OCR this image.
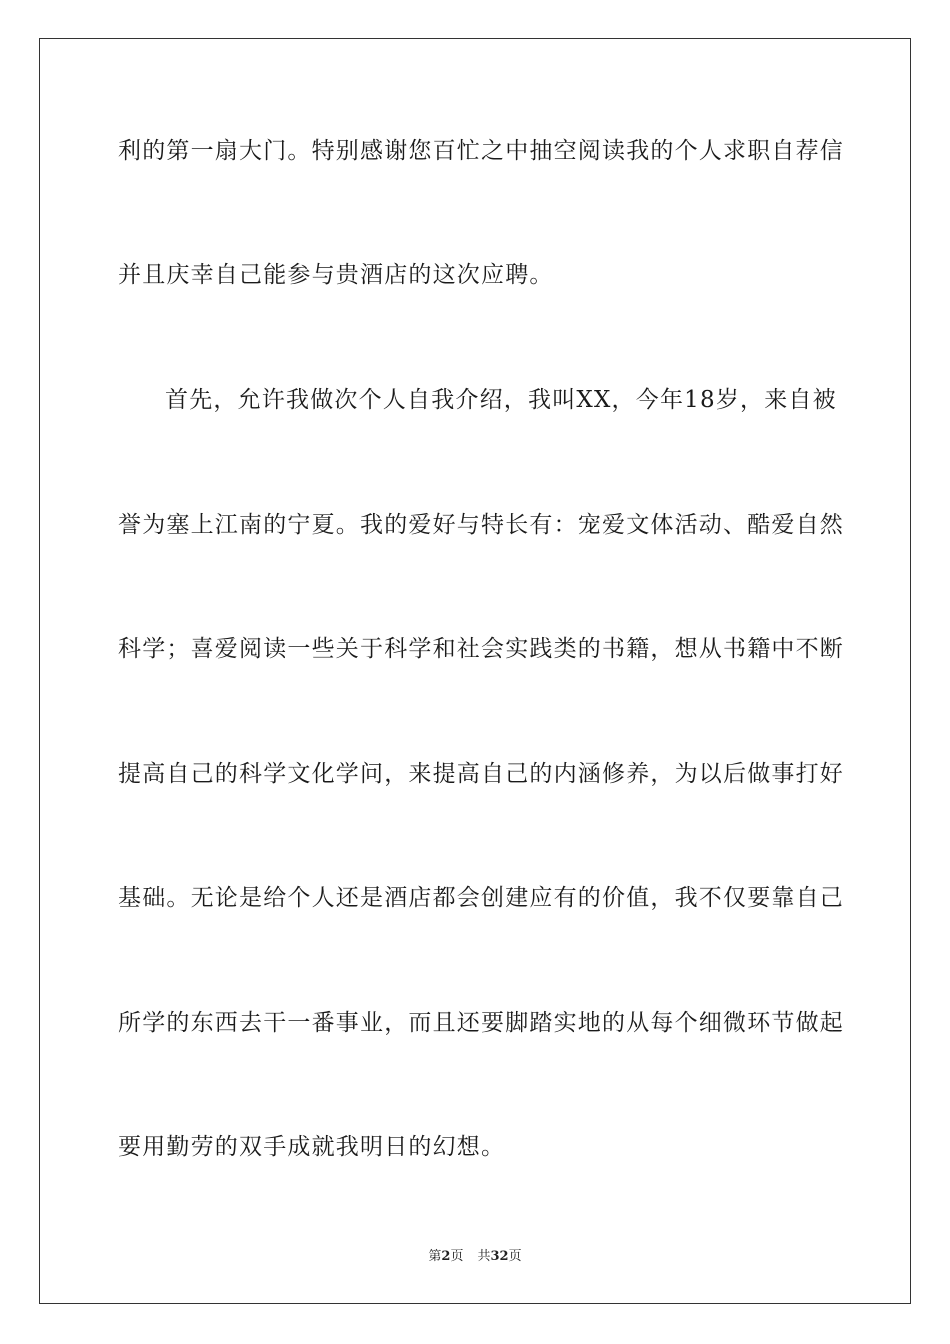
利的第一扇大门。特别感谢您百忙之中抽空阅读我的个人求职自荐信
并且庆幸自己能参与贵酒店的这次应聘。
首先，允许我做次个人自我介绍，我叫XX，今年18岁，来自被
誉为塞上江南的宁夏。我的爱好与特长有：宠爱文体活动、酷爱自然
科学；喜爱阅读一些关于科学和社会实践类的书籍，想从书籍中不断
提高自己的科学文化学问，来提高自己的内涵修养，为以后做事打好
基础。无论是给个人还是酒店都会创建应有的价值，我不仅要靠自己
所学的东西去干一番事业，而且还要脚踏实地的从每个细微环节做起
要用勤劳的双手成就我明日的幻想。
第2页 共32页
